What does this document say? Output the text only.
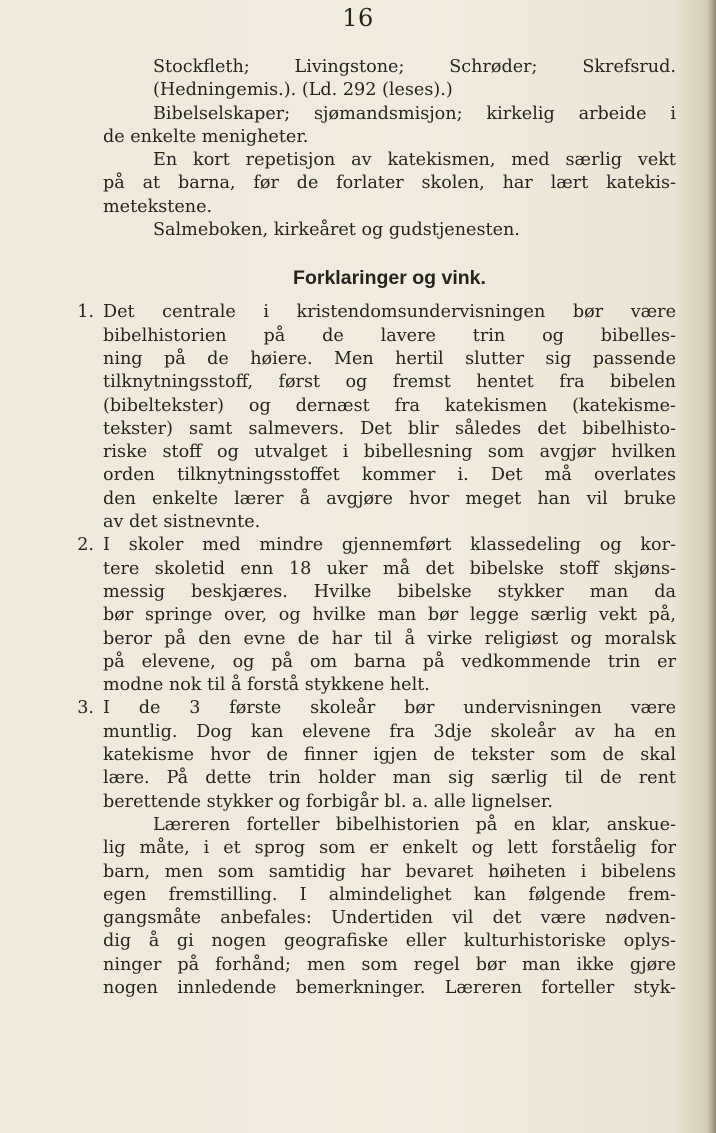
16
Stockfleth; Livingstone; Schrøder; Skrefsrud.
(Hedningemis.). (Ld. 292 (leses).)
Bibelselskaper; sjømandsmisjon; kirkelig arbeide i
de enkelte menigheter.
En kort repetisjon av katekismen, med særlig vekt
på at barna, før de forlater skolen, har lært katekis-
metekstene.
Salmeboken, kirkeåret og gudstjenesten.
Forklaringer og vink.
1. Det centrale i kristendomsundervisningen bør være
bibelhistorien på de lavere trin og bibelles-
ning på de høiere. Men hertil slutter sig passende
tilknytningsstoff, først og fremst hentet fra bibelen
(bibeltekster) og dernæst fra katekismen (katekisme-
tekster) samt salmevers. Det blir således det bibelhisto-
riske stoff og utvalget i bibellesning som avgjør hvilken
orden tilknytningsstoffet kommer i. Det må overlates
den enkelte lærer å avgjøre hvor meget han vil bruke
av det sistnevnte.
2. I skoler med mindre gjennemført klassedeling og kor-
tere skoletid enn 18 uker må det bibelske stoff skjøns-
messig beskjæres. Hvilke bibelske stykker man da
bør springe over, og hvilke man bør legge særlig vekt på,
beror på den evne de har til å virke religiøst og moralsk
på elevene, og på om barna på vedkommende trin er
modne nok til å forstå stykkene helt.
3. I de 3 første skoleår bør undervisningen være
muntlig. Dog kan elevene fra 3dje skoleår av ha en
katekisme hvor de finner igjen de tekster som de skal
lære. På dette trin holder man sig særlig til de rent
berettende stykker og forbigår bl. a. alle lignelser.
Læreren forteller bibelhistorien på en klar, anskue-
lig måte, i et sprog som er enkelt og lett forståelig for
barn, men som samtidig har bevaret høiheten i bibelens
egen fremstilling. I almindelighet kan følgende frem-
gangsmåte anbefales: Undertiden vil det være nødven-
dig å gi nogen geografiske eller kulturhistoriske oplys-
ninger på forhånd; men som regel bør man ikke gjøre
nogen innledende bemerkninger. Læreren forteller styk-
